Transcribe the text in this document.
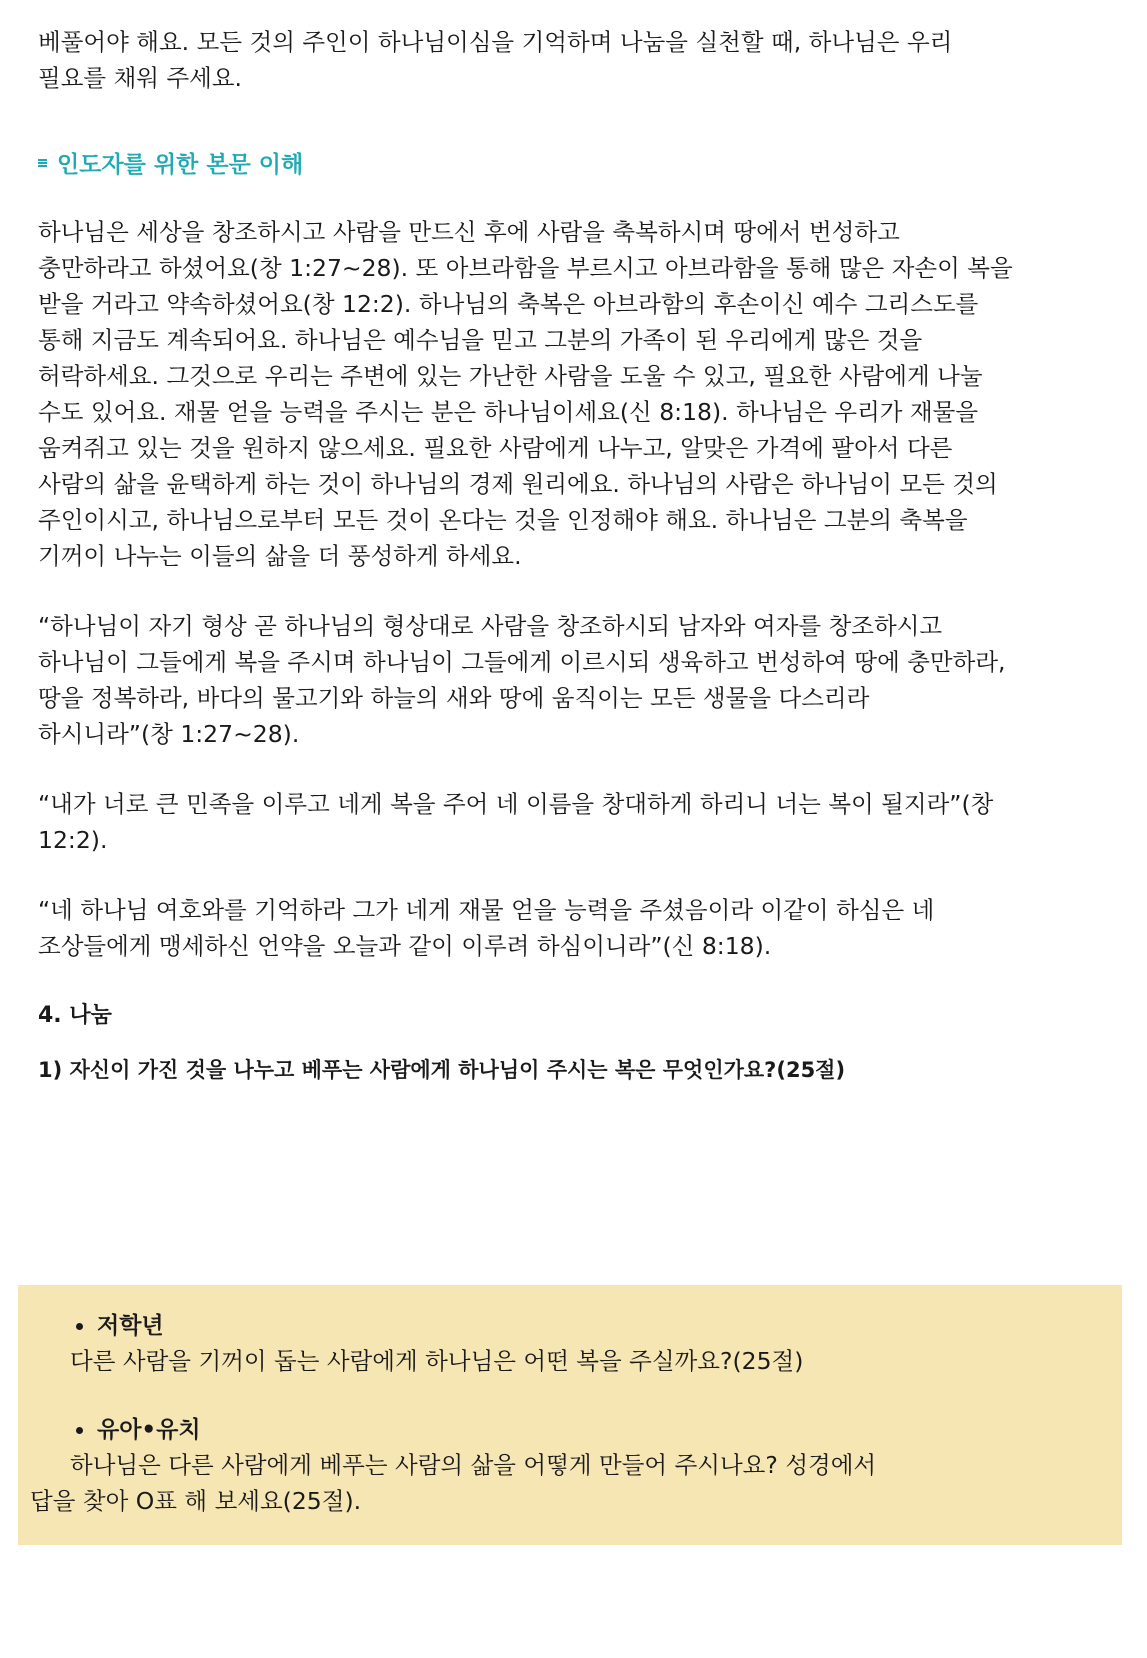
베풀어야 해요. 모든 것의 주인이 하나님이심을 기억하며 나눔을 실천할 때, 하나님은 우리
필요를 채워 주세요.

인도자를 위한 본문 이해

하나님은 세상을 창조하시고 사람을 만드신 후에 사람을 축복하시며 땅에서 번성하고
충만하라고 하셨어요(창 1:27~28). 또 아브라함을 부르시고 아브라함을 통해 많은 자손이 복을
받을 거라고 약속하셨어요(창 12:2). 하나님의 축복은 아브라함의 후손이신 예수 그리스도를
통해 지금도 계속되어요. 하나님은 예수님을 믿고 그분의 가족이 된 우리에게 많은 것을
허락하세요. 그것으로 우리는 주변에 있는 가난한 사람을 도울 수 있고, 필요한 사람에게 나눌
수도 있어요. 재물 얻을 능력을 주시는 분은 하나님이세요(신 8:18). 하나님은 우리가 재물을
움켜쥐고 있는 것을 원하지 않으세요. 필요한 사람에게 나누고, 알맞은 가격에 팔아서 다른
사람의 삶을 윤택하게 하는 것이 하나님의 경제 원리에요. 하나님의 사람은 하나님이 모든 것의
주인이시고, 하나님으로부터 모든 것이 온다는 것을 인정해야 해요. 하나님은 그분의 축복을
기꺼이 나누는 이들의 삶을 더 풍성하게 하세요.

“하나님이 자기 형상 곧 하나님의 형상대로 사람을 창조하시되 남자와 여자를 창조하시고
하나님이 그들에게 복을 주시며 하나님이 그들에게 이르시되 생육하고 번성하여 땅에 충만하라,
땅을 정복하라, 바다의 물고기와 하늘의 새와 땅에 움직이는 모든 생물을 다스리라
하시니라”(창 1:27~28).

“내가 너로 큰 민족을 이루고 네게 복을 주어 네 이름을 창대하게 하리니 너는 복이 될지라”(창
12:2).

“네 하나님 여호와를 기억하라 그가 네게 재물 얻을 능력을 주셨음이라 이같이 하심은 네
조상들에게 맹세하신 언약을 오늘과 같이 이루려 하심이니라”(신 8:18).

4. 나눔

1) 자신이 가진 것을 나누고 베푸는 사람에게 하나님이 주시는 복은 무엇인가요?(25절)

저학년
다른 사람을 기꺼이 돕는 사람에게 하나님은 어떤 복을 주실까요?(25절)
유아•유치
하나님은 다른 사람에게 베푸는 사람의 삶을 어떻게 만들어 주시나요? 성경에서
답을 찾아 O표 해 보세요(25절).
